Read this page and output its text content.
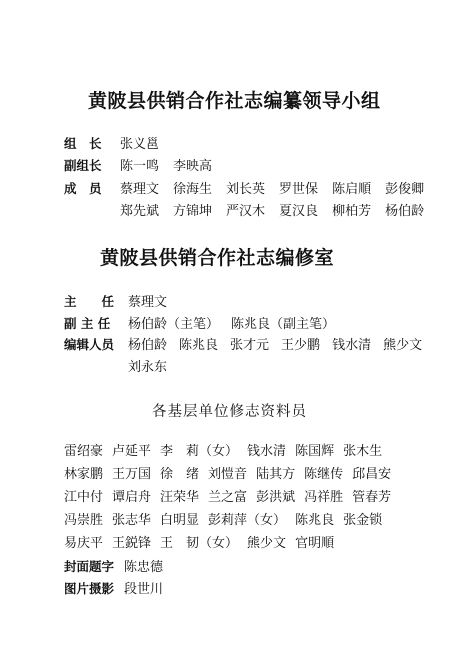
黄陂县供销合作社志编纂领导小组
组　长	张义邕
副组长	陈一鸣 李映高
成　员	蔡理文 徐海生 刘长英 罗世保 陈启順 彭俊卿
郑先斌 方锦坤 严汉木 夏汉良 柳柏芳 杨伯龄
黄陂县供销合作社志编修室
主　　任	蔡理文
副 主 任	杨伯龄（主笔） 陈兆良（副主笔）
编辑人员	杨伯龄 陈兆良 张才元 王少鹏 钱水清 熊少文
刘永东
各基层单位修志资料员
雷绍豪 卢延平 李　莉（女） 钱水清 陈国辉 张木生
林家鹏 王万国 徐　绪 刘愷音 陆其方 陈继传 邱昌安
江中付 谭启舟 汪荣华 兰之富 彭洪斌 冯祥胜 管春芳
冯崇胜 张志华 白明显 彭莉萍（女） 陈兆良 张金锁
易庆平 王鋭锋 王　韧（女） 熊少文 官明順
封面题字 陈忠德
图片摄影 段世川
